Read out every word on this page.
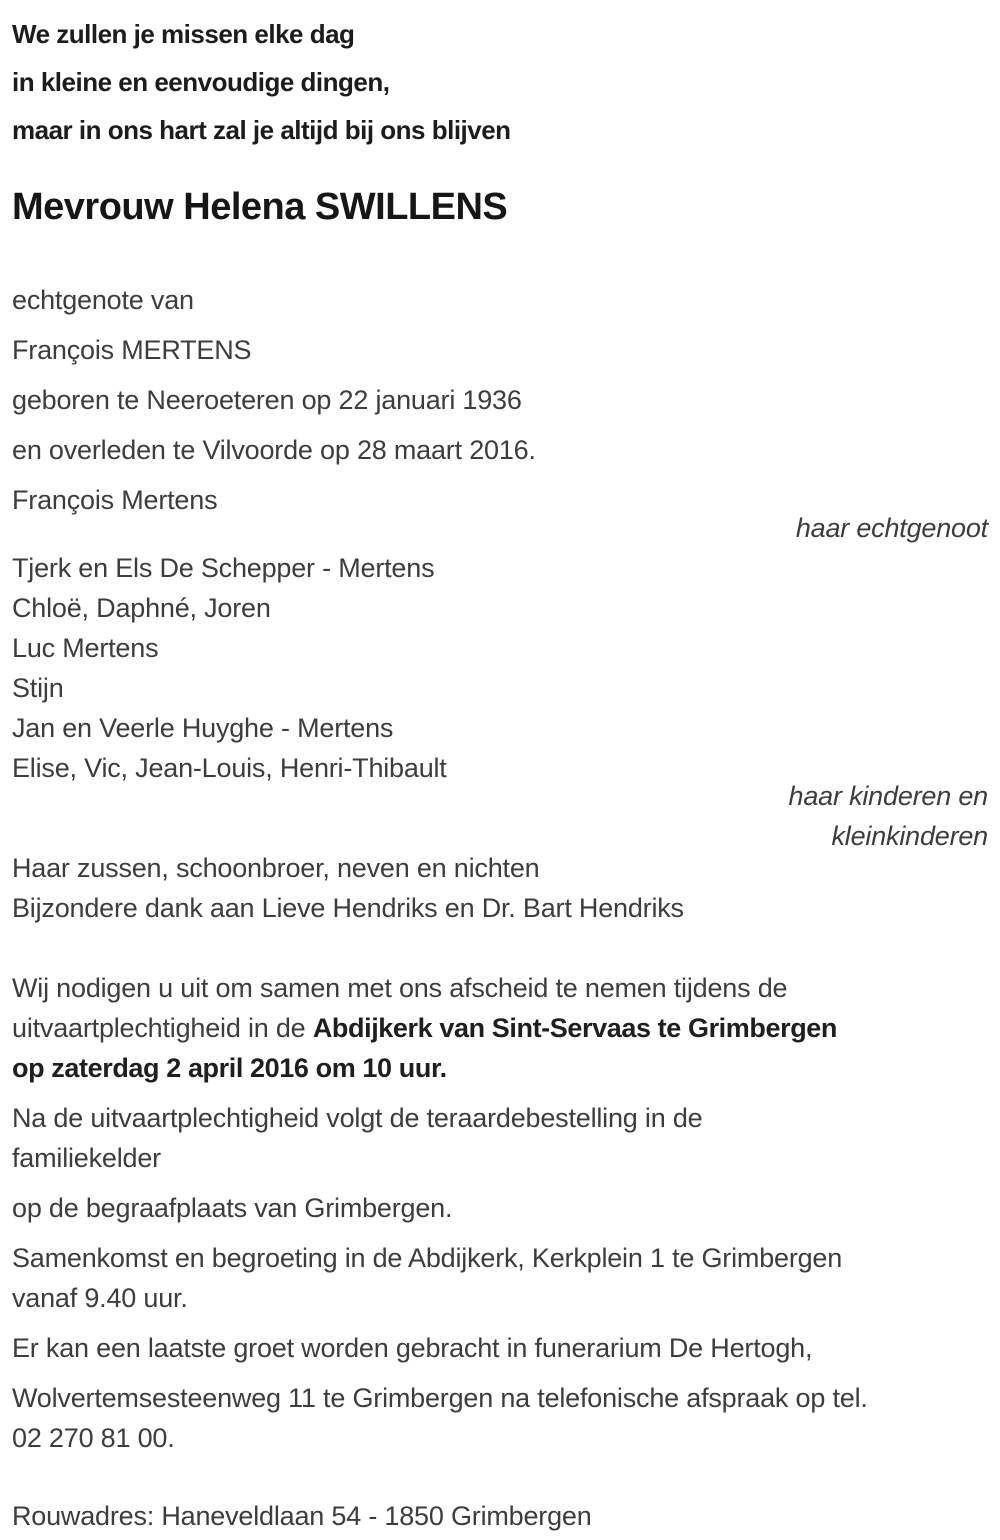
We zullen je missen elke dag
in kleine en eenvoudige dingen,
maar in ons hart zal je altijd bij ons blijven
Mevrouw Helena SWILLENS

echtgenote van

François MERTENS

geboren te Neeroeteren op 22 januari 1936

en overleden te Vilvoorde op 28 maart 2016.

François Mertens

haar echtgenoot

Tjerk en Els De Schepper - Mertens

Chloë, Daphné, Joren

Luc Mertens

Stijn

Jan en Veerle Huyghe - Mertens

Elise, Vic, Jean-Louis, Henri-Thibault

haar kinderen en

kleinkinderen

Haar zussen, schoonbroer, neven en nichten

Bijzondere dank aan Lieve Hendriks en Dr. Bart Hendriks

Wij nodigen u uit om samen met ons afscheid te nemen tijdens de

uitvaartplechtigheid in de Abdijkerk van Sint-Servaas te Grimbergen

op zaterdag 2 april 2016 om 10 uur.

Na de uitvaartplechtigheid volgt de teraardebestelling in de

familiekelder

op de begraafplaats van Grimbergen.

Samenkomst en begroeting in de Abdijkerk, Kerkplein 1 te Grimbergen

vanaf 9.40 uur.

Er kan een laatste groet worden gebracht in funerarium De Hertogh,

Wolvertemsesteenweg 11 te Grimbergen na telefonische afspraak op tel.

02 270 81 00.

Rouwadres: Haneveldlaan 54 - 1850 Grimbergen
